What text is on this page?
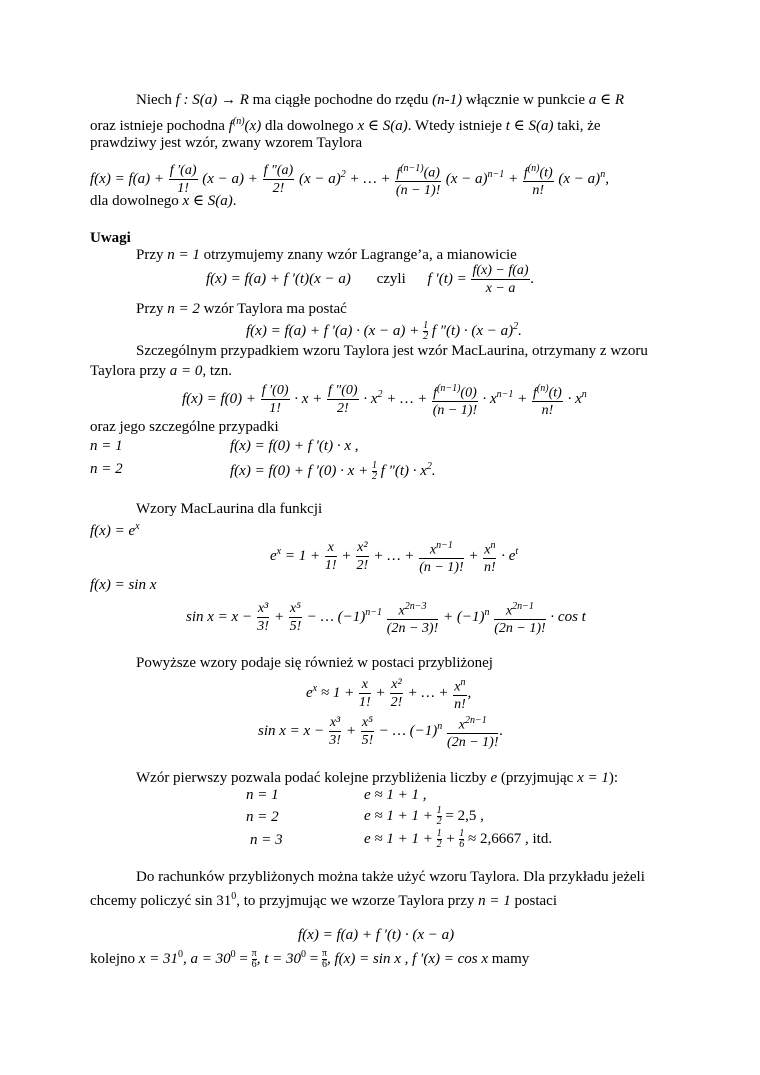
Niech f : S(a) → R ma ciągłe pochodne do rzędu (n-1) włącznie w punkcie a ∈ R
oraz istnieje pochodna $f^{(n)}(x)$ dla dowolnego x ∈ S(a). Wtedy istnieje t ∈ S(a) taki, że
prawdziwy jest wzór, zwany wzorem Taylora
$f(x) = f(a) + \frac{f '(a)}{1!} (x - a) + \frac{f ''(a)}{2!} (x - a)^2$ + … + $\frac{f^{(n-1)}(a)}{(n - 1)!} (x - a)^{n-1} + \frac{f^{(n)}(t)}{n!} (x - a)^n$,
dla dowolnego x ∈ S(a).
Uwagi
Przy n = 1 otrzymujemy znany wzór Lagrange’a, a mianowicie
f(x) = f(a) + f ′(t)(x − a) czyli f $'(t) = \frac{f(x) - f(a)}{x - a}$ .
Przy n = 2 wzór Taylora ma postać
f(x) = f(a) + f $'(a) \cdot (x - a) + \frac{1}{2}$ f $''(t) \cdot (x - a)^2$.
Szczególnym przypadkiem wzoru Taylora jest wzór MacLaurina, otrzymany z wzoru
Taylora przy a = 0, tzn.
$f(x) = f(0) + \frac{f '(0)}{1!} \cdot x + \frac{f ''(0)}{2!} \cdot x^2$ + … + $\frac{f^{(n-1)}(0)}{(n - 1)!} \cdot x^{n-1} + \frac{f^{(n)}(t)}{n!} \cdot x^n$
oraz jego szczególne przypadki
n = 1	f(x) = f(0) + f ′(t) · x ,
n = 2	f(x) = f(0) + f $'(0) \cdot x + \frac{1}{2}$ f $''(t) \cdot x^2$.
Wzory MacLaurina dla funkcji
$f(x) = e^x$
$e^x = 1 + \frac{x}{1!} + \frac{\text{x²}}{2!}$ + … + $\frac{x^{n-1}}{(n - 1)!} + \frac{x^n}{n!} \cdot e^t$
f(x) = sin x
$\sin x = x - \frac{\text{x³}}{3!} + \frac{\text{x⁵}}{5!}$ − … $(-1)^{n-1} \frac{x^{2n-3}}{(2n - 3)!} + (-1)^n \frac{x^{2n-1}}{(2n - 1)!} \cdot \cos t$
Powyższe wzory podaje się również w postaci przybliżonej
$e^x \approx 1 + \frac{x}{1!} + \frac{\text{x²}}{2!}$ + … + $\frac{x^n}{n!}$ ,
$\sin x = x - \frac{\text{x³}}{3!} + \frac{\text{x⁵}}{5!}$ − … $(-1)^n \frac{x^{2n-1}}{(2n - 1)!}$ .
Wzór pierwszy pozwala podać kolejne przybliżenia liczby e (przyjmując x = 1):
n = 1	e ≈ 1 + 1 ,
n = 2	$e \approx 1 + 1 + \frac{1}{2} = 2,5$ ,
n = 3	$e \approx 1 + 1 + \frac{1}{2} + \frac{1}{6} \approx 2,6667$ , itd.
Do rachunków przybliżonych można także użyć wzoru Taylora. Dla przykładu jeżeli
chcemy policzyć $\sin 31^0$, to przyjmując we wzorze Taylora przy n = 1 postaci
f(x) = f(a) + f ′(t) · (x − a)
kolejno $x = 31^0$, $a = 30^0 = \frac{\pi}{6}$ , $t = 30^0 = \frac{\pi}{6}$ , f(x) = sin x , f ′(x) = cos x mamy
